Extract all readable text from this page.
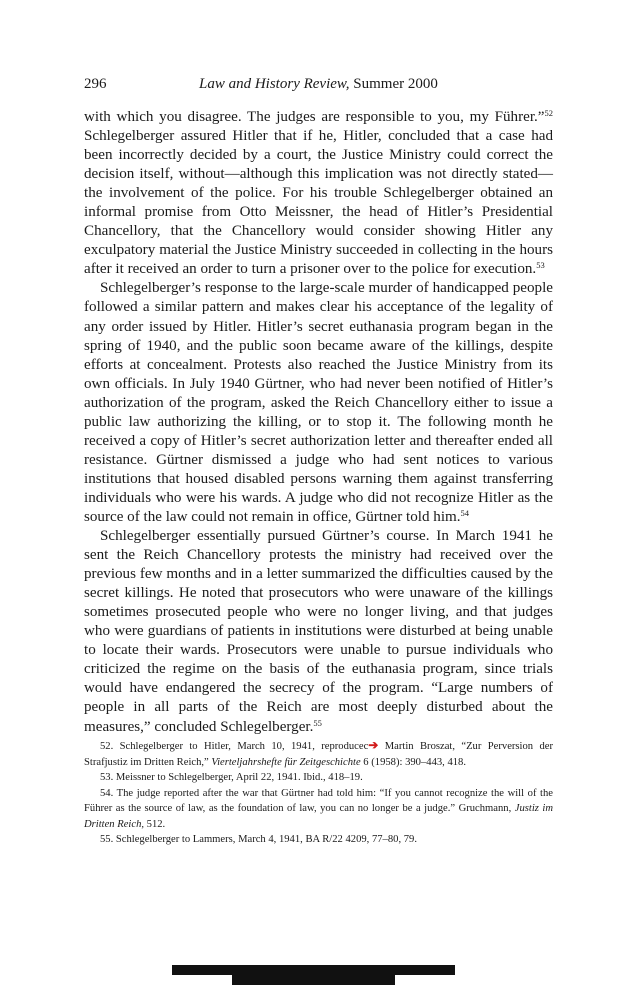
296	Law and History Review, Summer 2000

with which you disagree. The judges are responsible to you, my Führer.”$^{52}$ Schlegelberger assured Hitler that if he, Hitler, concluded that a case had been incorrectly decided by a court, the Justice Ministry could correct the decision itself, without—although this implication was not directly stated—the involvement of the police. For his trouble Schlegelberger obtained an informal promise from Otto Meissner, the head of Hitler’s Presidential Chancellory, that the Chancellory would consider showing Hitler any exculpatory material the Justice Ministry succeeded in collecting in the hours after it received an order to turn a prisoner over to the police for execution.$^{53}$

Schlegelberger’s response to the large-scale murder of handicapped people followed a similar pattern and makes clear his acceptance of the legality of any order issued by Hitler. Hitler’s secret euthanasia program began in the spring of 1940, and the public soon became aware of the killings, despite efforts at concealment. Protests also reached the Justice Ministry from its own officials. In July 1940 Gürtner, who had never been notified of Hitler’s authorization of the program, asked the Reich Chancellory either to issue a public law authorizing the killing, or to stop it. The following month he received a copy of Hitler’s secret authorization letter and thereafter ended all resistance. Gürtner dismissed a judge who had sent notices to various institutions that housed disabled persons warning them against transferring individuals who were his wards. A judge who did not recognize Hitler as the source of the law could not remain in office, Gürtner told him.$^{54}$

Schlegelberger essentially pursued Gürtner’s course. In March 1941 he sent the Reich Chancellory protests the ministry had received over the previous few months and in a letter summarized the difficulties caused by the secret killings. He noted that prosecutors who were unaware of the killings sometimes prosecuted people who were no longer living, and that judges who were guardians of patients in institutions were disturbed at being unable to locate their wards. Prosecutors were unable to pursue individuals who criticized the regime on the basis of the euthanasia program, since trials would have endangered the secrecy of the program. “Large numbers of people in all parts of the Reich are most deeply disturbed about the measures,” concluded Schlegelberger.$^{55}$

52. Schlegelberger to Hitler, March 10, 1941, reproducec➔ Martin Broszat, “Zur Perversion der Strafjustiz im Dritten Reich,” Vierteljahrshefte für Zeitgeschichte 6 (1958): 390–443, 418.

53. Meissner to Schlegelberger, April 22, 1941. Ibid., 418–19.

54. The judge reported after the war that Gürtner had told him: “If you cannot recognize the will of the Führer as the source of law, as the foundation of law, you can no longer be a judge.” Gruchmann, Justiz im Dritten Reich, 512.

55. Schlegelberger to Lammers, March 4, 1941, BA R/22 4209, 77–80, 79.
